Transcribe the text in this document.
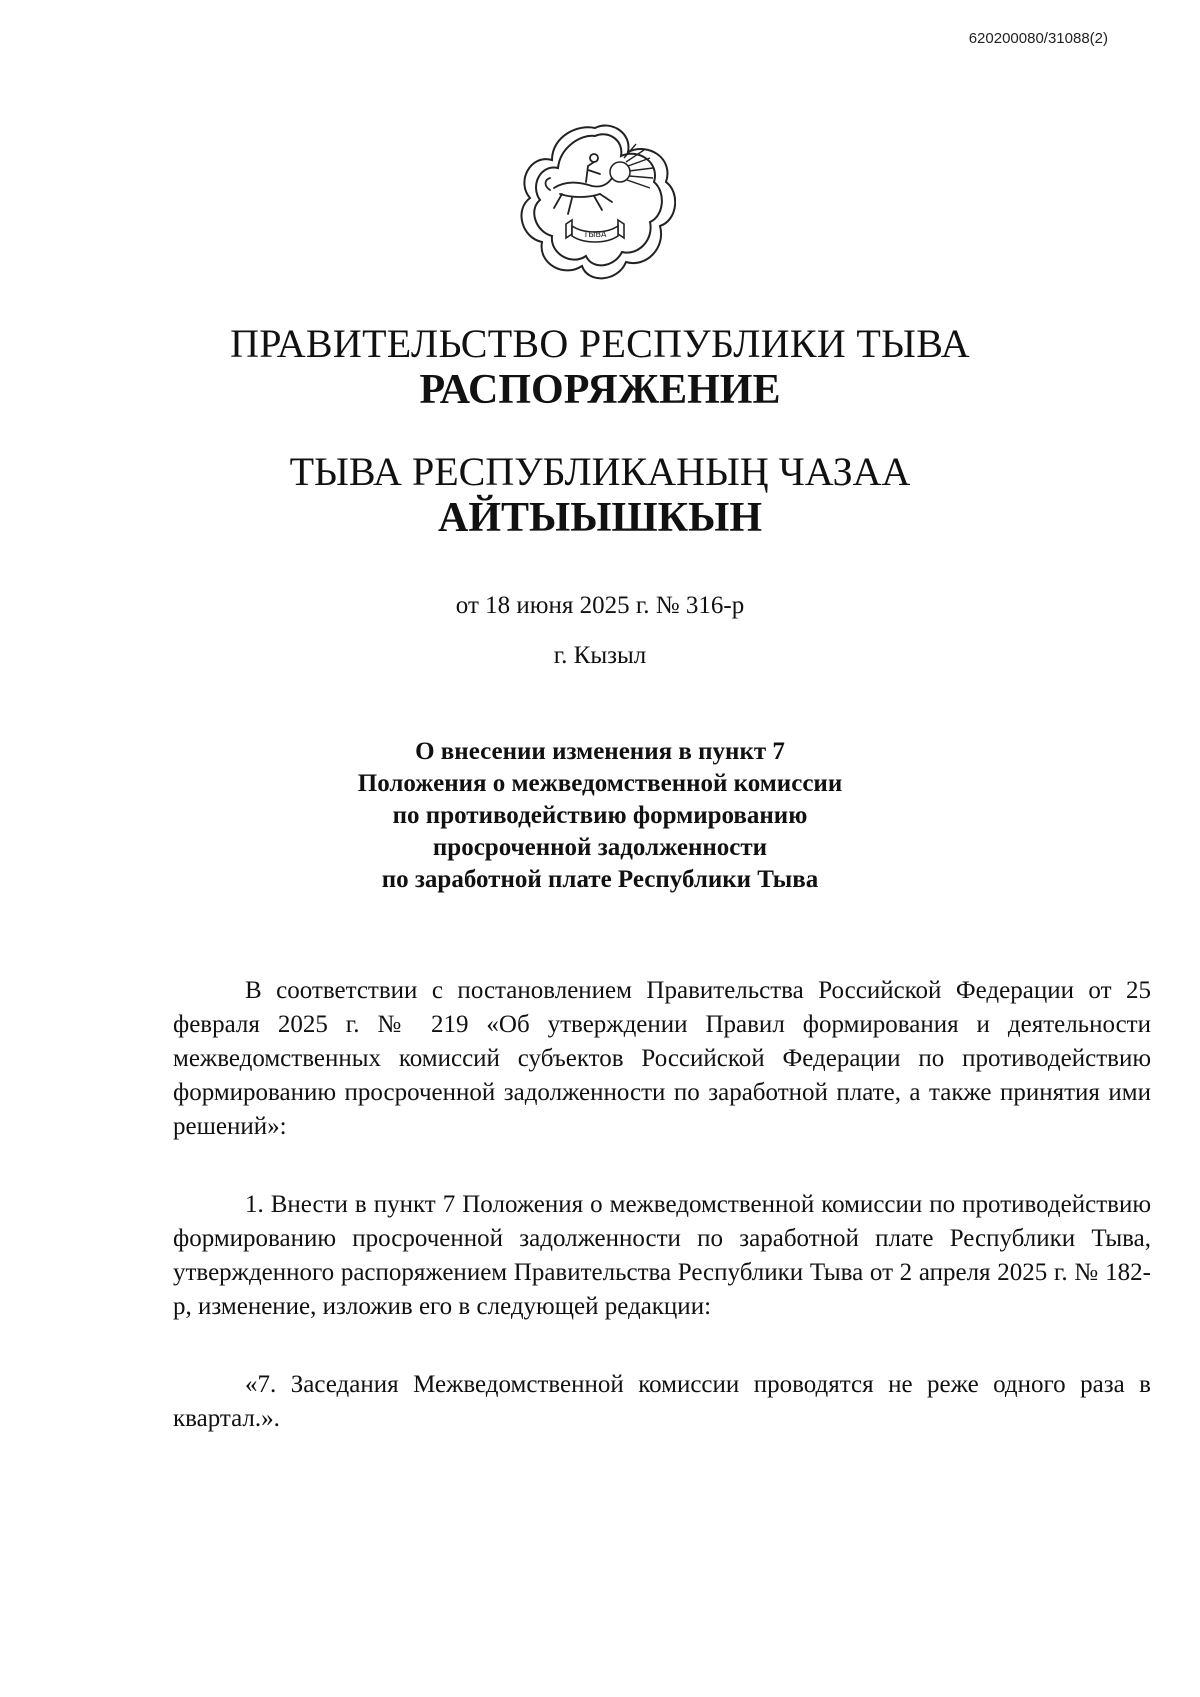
620200080/31088(2)
ТЫВА
ПРАВИТЕЛЬСТВО РЕСПУБЛИКИ ТЫВА
РАСПОРЯЖЕНИЕ
ТЫВА РЕСПУБЛИКАНЫҢ ЧАЗАА
АЙТЫЫШКЫН
от 18 июня 2025 г. № 316-р
г. Кызыл
О внесении изменения в пункт 7
Положения о межведомственной комиссии
по противодействию формированию
просроченной задолженности
по заработной плате Республики Тыва

В соответствии с постановлением Правительства Российской Федерации от 25 февраля 2025 г. № 219 «Об утверждении Правил формирования и деятельности межведомственных комиссий субъектов Российской Федерации по противодействию формированию просроченной задолженности по заработной плате, а также принятия ими решений»:

1. Внести в пункт 7 Положения о межведомственной комиссии по противодействию формированию просроченной задолженности по заработной плате Республики Тыва, утвержденного распоряжением Правительства Республики Тыва от 2 апреля 2025 г. № 182-р, изменение, изложив его в следующей редакции:

«7. Заседания Межведомственной комиссии проводятся не реже одного раза в квартал.».
